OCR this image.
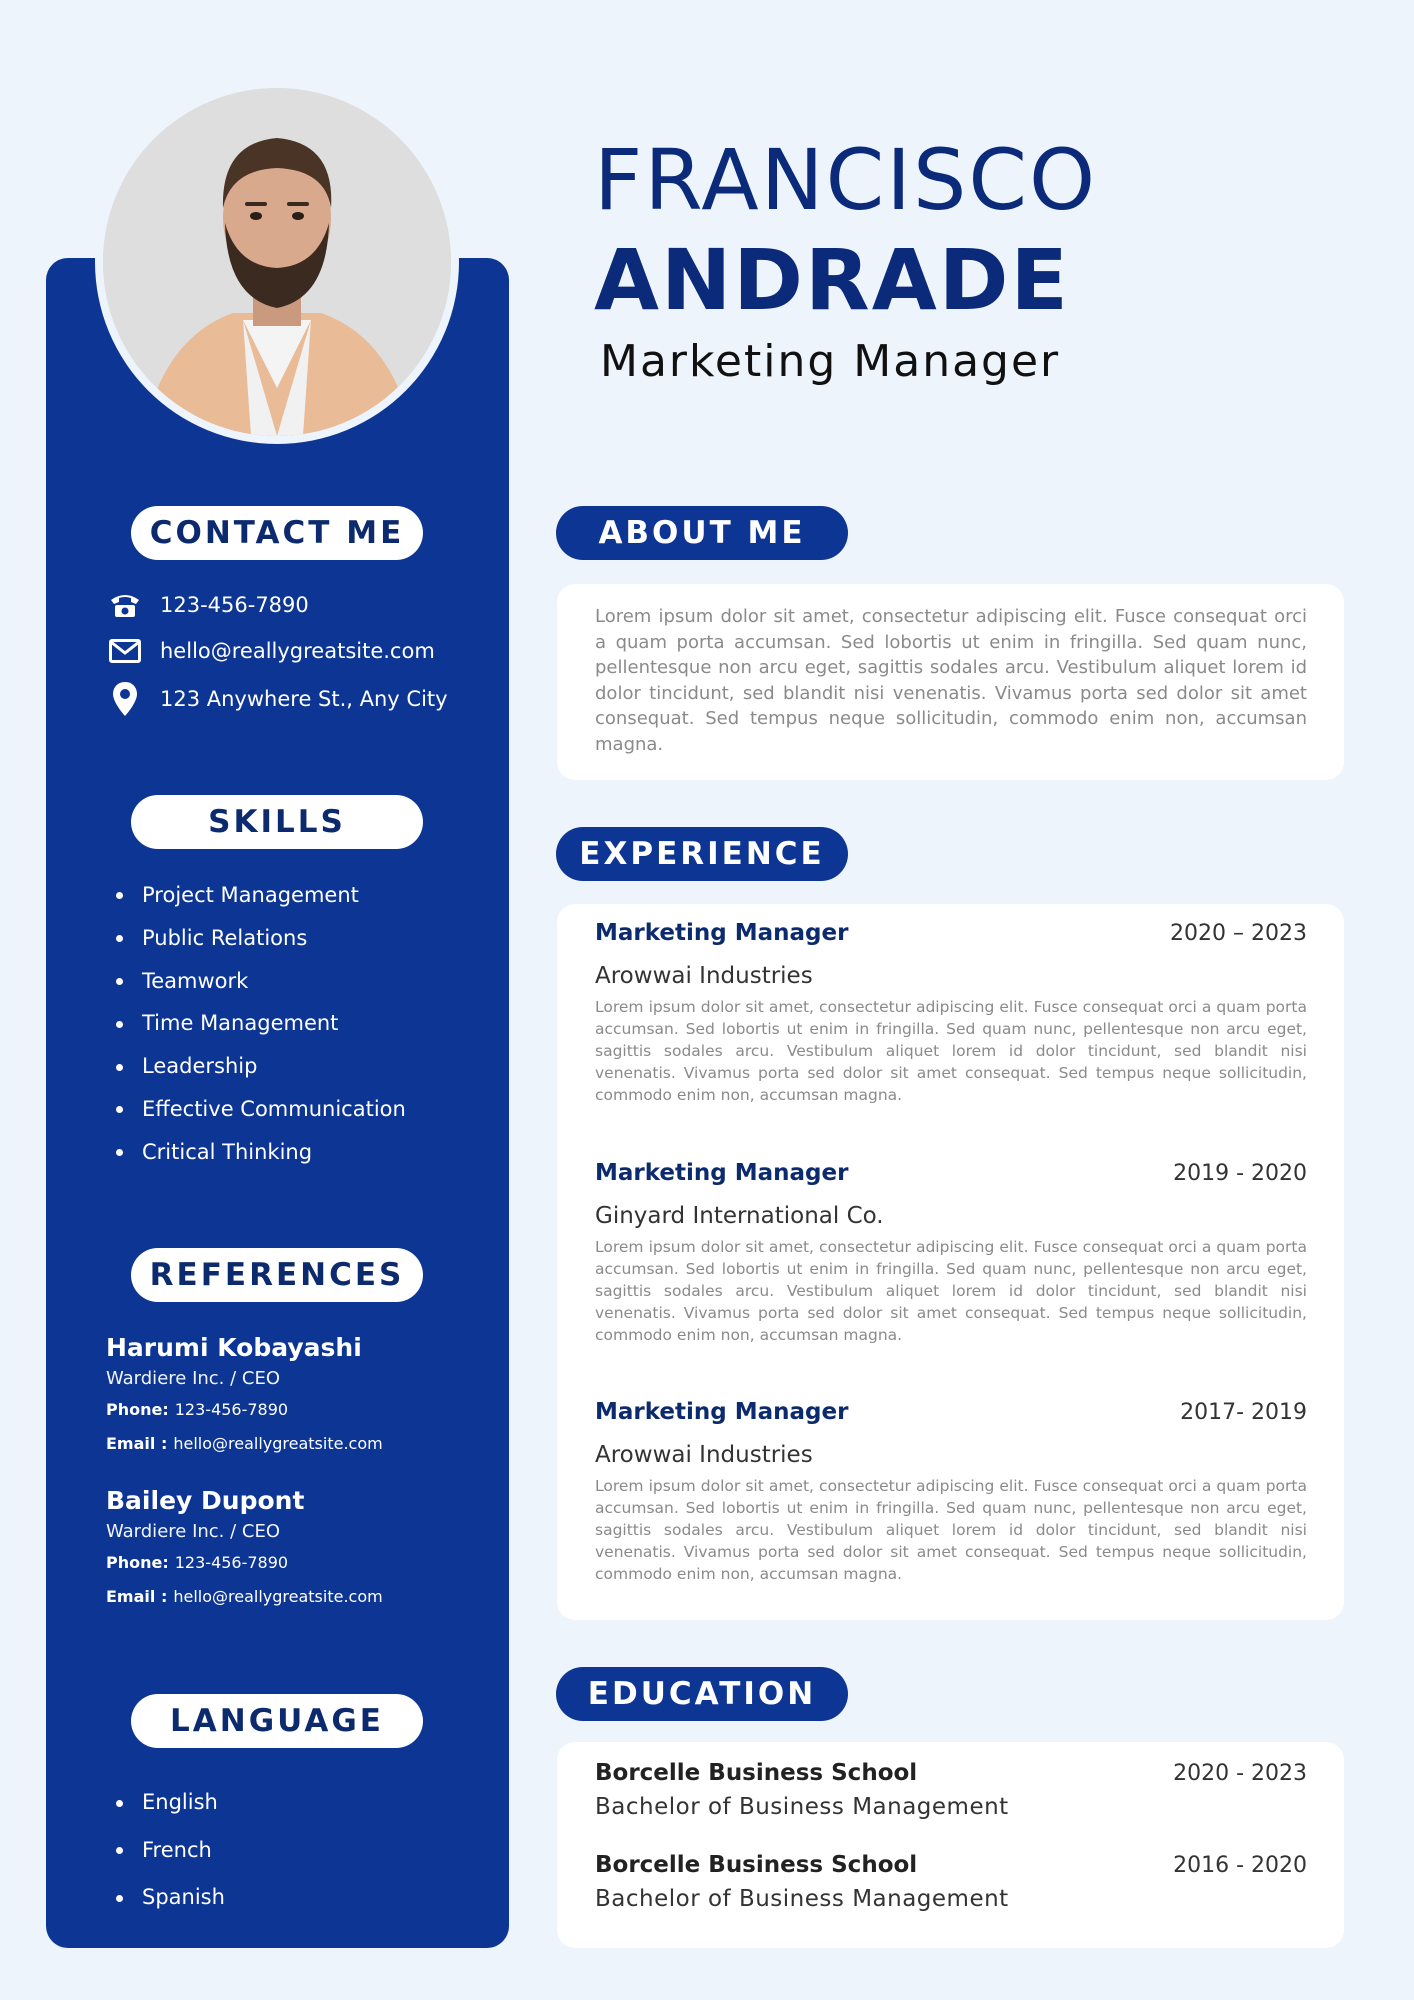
CONTACT ME
123-456-7890
hello@reallygreatsite.com
123 Anywhere St., Any City
SKILLS
Project Management
Public Relations
Teamwork
Time Management
Leadership
Effective Communication
Critical Thinking
REFERENCES
Harumi Kobayashi
Wardiere Inc. / CEO
Phone: 123-456-7890
Email : hello@reallygreatsite.com
Bailey Dupont
Wardiere Inc. / CEO
Phone: 123-456-7890
Email : hello@reallygreatsite.com
LANGUAGE
English
French
Spanish
FRANCISCO
ANDRADE
Marketing Manager
ABOUT ME
Lorem ipsum dolor sit amet, consectetur adipiscing elit. Fusce consequat orci a quam porta accumsan. Sed lobortis ut enim in fringilla. Sed quam nunc, pellentesque non arcu eget, sagittis sodales arcu. Vestibulum aliquet lorem id dolor tincidunt, sed blandit nisi venenatis. Vivamus porta sed dolor sit amet consequat. Sed tempus neque sollicitudin, commodo enim non, accumsan magna.
EXPERIENCE
Marketing Manager	2020 – 2023
Arowwai Industries
Lorem ipsum dolor sit amet, consectetur adipiscing elit. Fusce consequat orci a quam porta accumsan. Sed lobortis ut enim in fringilla. Sed quam nunc, pellentesque non arcu eget, sagittis sodales arcu. Vestibulum aliquet lorem id dolor tincidunt, sed blandit nisi venenatis. Vivamus porta sed dolor sit amet consequat. Sed tempus neque sollicitudin, commodo enim non, accumsan magna.
Marketing Manager	2019 - 2020
Ginyard International Co.
Lorem ipsum dolor sit amet, consectetur adipiscing elit. Fusce consequat orci a quam porta accumsan. Sed lobortis ut enim in fringilla. Sed quam nunc, pellentesque non arcu eget, sagittis sodales arcu. Vestibulum aliquet lorem id dolor tincidunt, sed blandit nisi venenatis. Vivamus porta sed dolor sit amet consequat. Sed tempus neque sollicitudin, commodo enim non, accumsan magna.
Marketing Manager	2017- 2019
Arowwai Industries
Lorem ipsum dolor sit amet, consectetur adipiscing elit. Fusce consequat orci a quam porta accumsan. Sed lobortis ut enim in fringilla. Sed quam nunc, pellentesque non arcu eget, sagittis sodales arcu. Vestibulum aliquet lorem id dolor tincidunt, sed blandit nisi venenatis. Vivamus porta sed dolor sit amet consequat. Sed tempus neque sollicitudin, commodo enim non, accumsan magna.
EDUCATION
Borcelle Business School	2020 - 2023
Bachelor of Business Management
Borcelle Business School	2016 - 2020
Bachelor of Business Management
